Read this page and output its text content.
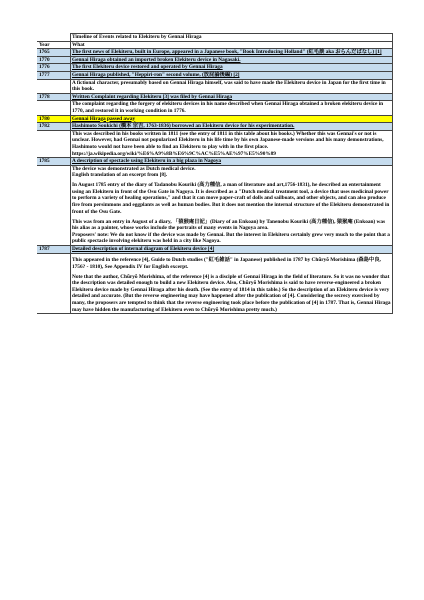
	Timeline of Events related to Elekiteru by Gennai Hiraga
Year	What
1765	The first news of Elekiteru, built in Europe, appeared in a Japanese book, "Book Introducing Holland" (紅毛談 aka おらんだばなし) [1]

1770	Gennai Hiraga obtained an imported broken Elekiteru device in Nagasaki.

1776	The first Elekiteru device restored and operated by Gennai Hiraga

1777	Gennai Hiraga published, "Heppiri-ron" second volume, (放屁論後編) [2]

	A fictional character, presumably based on Gennai Hiraga himself, was said to have made the Elekiteru device in Japan for the first time in this book.

1778	Written Complaint regarding Elekiteru [3] was filed by Gennai Hiraga

	The complaint regarding the forgery of elekiteru devices in his name described when Gennai Hiraga obtained a broken elekiteru device in 1770, and restored it in working condition in 1776.

1780	Gennai Hiraga passed away

1782	Hashimoto Soukichi (橋本 宗吉, 1763-1836) borrowed an Elekiteru device for his experimentation.

	This was described in his books written in 1811 (see the entry of 1811 in this table about his books.) Whether this was Gennai's or not is unclear. However, had Gennai not popularized Elekiteru in his life time by his own Japanese-made versions and his many demonstrations, Hashimoto would not have been able to find an Elekiteru to play with in the first place.
https://ja.wikipedia.org/wiki/%E6%A9%8B%E6%9C%AC%E5%AE%97%E5%90%89

1785	A description of spectacle using Elekiteru in a big plaza in Nagoya

	The device was demonstrated as Dutch medical device.
English translation of an excerpt from [8].
In August 1785 entry of the diary of Tadanobu Kouriki (高力種信, a man of literature and art,1756-1831), he described an entertainment using an Elekiteru in front of the Osu Gate in Nagoya. It is described as a "Dutch medical treatment tool, a device that uses medicinal power to perform a variety of healing operations," and that it can move paper-craft of dolls and sailboats, and other objects, and can also produce fire from persimmons and eggplants as well as human bodies. But it does not mention the internal structure of the Elekiteru demonstrated in front of the Osu Gate.
This was from an entry in August of a diary, 「猿猴庵日記」(Diary of an Enkoan) by Tanenobu Kouriki (高力種信), 猿猴庵 (Enkoan) was his alias as a painter, whose works include the portraits of many events in Nagoya area.
Proposers' note: We do not know if the device was made by Gennai. But the interest in Elekiteru certainly grew very much to the point that a public spectacle involving elekiteru was held in a city like Nagoya.

1787	Detailed description of internal diagram of Elekiteru device [4]

	This appeared in the reference [4], Guide to Dutch studies ("紅毛雑話" in Japanese) published in 1787 by Chūryō Morishima (森島中良, 1756? - 1810), See Appendix IV for English excerpt.
Note that the author, Chūryō Morishima, of the reference [4] is a disciple of Gennai Hiraga in the field of literature. So it was no wonder that the description was detailed enough to build a new Elekiteru device. Also, Chūryō Morishima is said to have reverse-engineered a broken Elekiteru device made by Gennai Hiraga after his death. (See the entry of 1814 in this table.) So the description of an Elekiteru device is very detailed and accurate. (But the reverse engineering may have happened after the publication of [4]. Considering the secrecy exercised by many, the proposers are tempted to think that the reverse engineering took place before the publication of [4] in 1787. That is, Gennai Hiraga may have hidden the manufacturing of Elekiteru even to Chūryō Morishima pretty much.)
